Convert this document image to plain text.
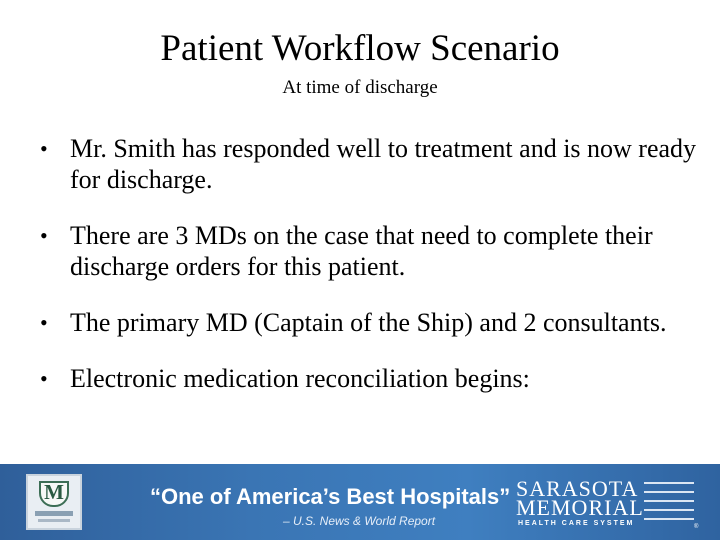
Patient Workflow Scenario
At time of discharge
• Mr. Smith has responded well to treatment and is now ready for discharge.
• There are 3 MDs on the case that need to complete their discharge orders for this patient.
• The primary MD (Captain of the Ship) and 2 consultants.
• Electronic medication reconciliation begins:
M	“One of America’s Best Hospitals”
– U.S. News & World Report
SARASOTA
MEMORIAL
HEALTH CARE SYSTEM	®
